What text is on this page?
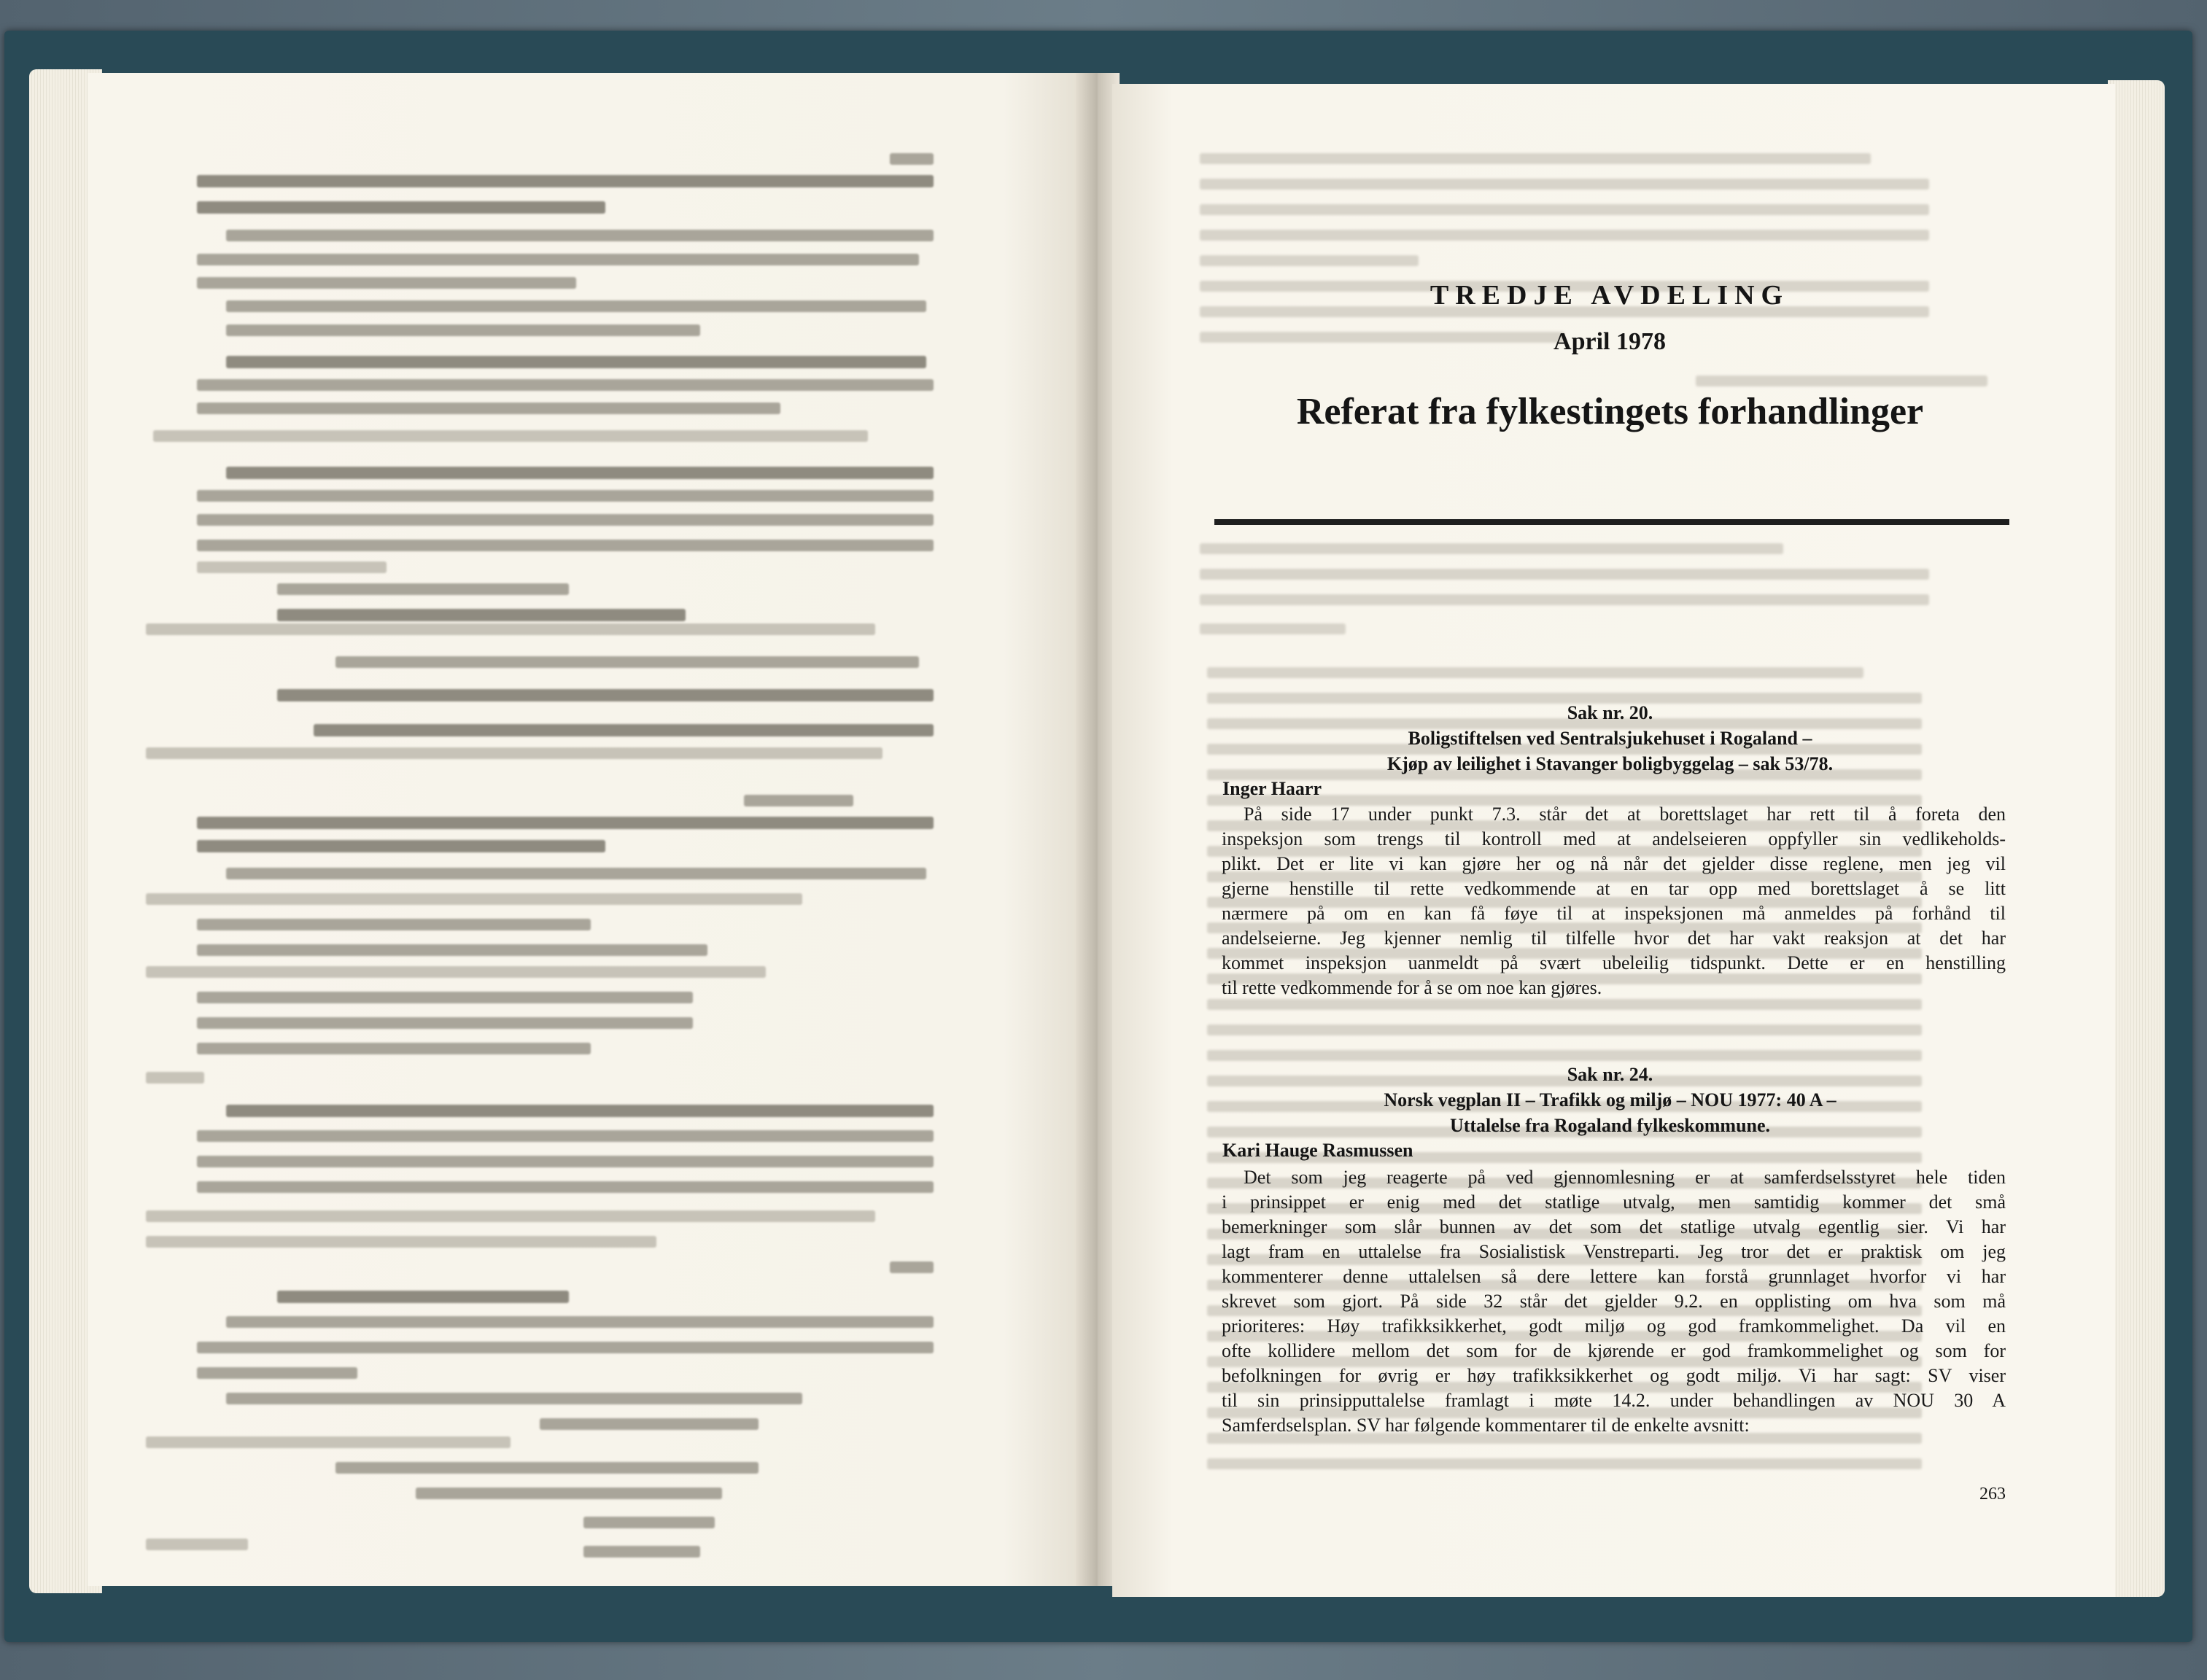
TREDJE AVDELING
April 1978
Referat fra fylkestingets forhandlinger
Sak nr. 20.
Boligstiftelsen ved Sentralsjukehuset i Rogaland –
Kjøp av leilighet i Stavanger boligbyggelag – sak 53/78.
Inger Haarr
På side 17 under punkt 7.3. står det at borettslaget har rett til å foreta den
inspeksjon som trengs til kontroll med at andelseieren oppfyller sin vedlikeholds-
plikt. Det er lite vi kan gjøre her og nå når det gjelder disse reglene, men jeg vil
gjerne henstille til rette vedkommende at en tar opp med borettslaget å se litt
nærmere på om en kan få føye til at inspeksjonen må anmeldes på forhånd til
andelseierne. Jeg kjenner nemlig til tilfelle hvor det har vakt reaksjon at det har
kommet inspeksjon uanmeldt på svært ubeleilig tidspunkt. Dette er en henstilling
til rette vedkommende for å se om noe kan gjøres.
Sak nr. 24.
Norsk vegplan II – Trafikk og miljø – NOU 1977: 40 A –
Uttalelse fra Rogaland fylkeskommune.
Kari Hauge Rasmussen
Det som jeg reagerte på ved gjennomlesning er at samferdselsstyret hele tiden
i prinsippet er enig med det statlige utvalg, men samtidig kommer det små
bemerkninger som slår bunnen av det som det statlige utvalg egentlig sier. Vi har
lagt fram en uttalelse fra Sosialistisk Venstreparti. Jeg tror det er praktisk om jeg
kommenterer denne uttalelsen så dere lettere kan forstå grunnlaget hvorfor vi har
skrevet som gjort. På side 32 står det gjelder 9.2. en opplisting om hva som må
prioriteres: Høy trafikksikkerhet, godt miljø og god framkommelighet. Da vil en
ofte kollidere mellom det som for de kjørende er god framkommelighet og som for
befolkningen for øvrig er høy trafikksikkerhet og godt miljø. Vi har sagt: SV viser
til sin prinsipputtalelse framlagt i møte 14.2. under behandlingen av NOU 30 A
Samferdselsplan. SV har følgende kommentarer til de enkelte avsnitt:
263
